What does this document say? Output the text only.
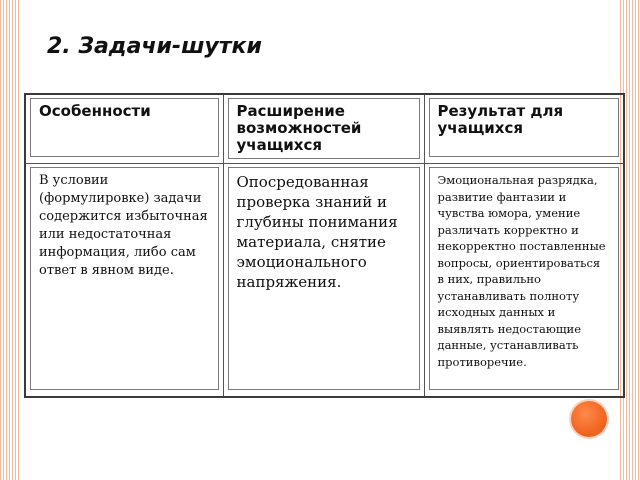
2. Задачи-шутки
Особенности	Расширение возможностей учащихся	Результат для учащихся

В условии (формулировке) задачи содержится избыточная или недостаточная информация, либо сам ответ в явном виде.	Опосредованная проверка знаний и глубины понимания материала, снятие эмоционального напряжения.	Эмоциональная разрядка, развитие фантазии и чувства юмора, умение различать корректно и некорректно поставленные вопросы, ориентироваться в них, правильно устанавливать полноту исходных данных и выявлять недостающие данные, устанавливать противоречие.
